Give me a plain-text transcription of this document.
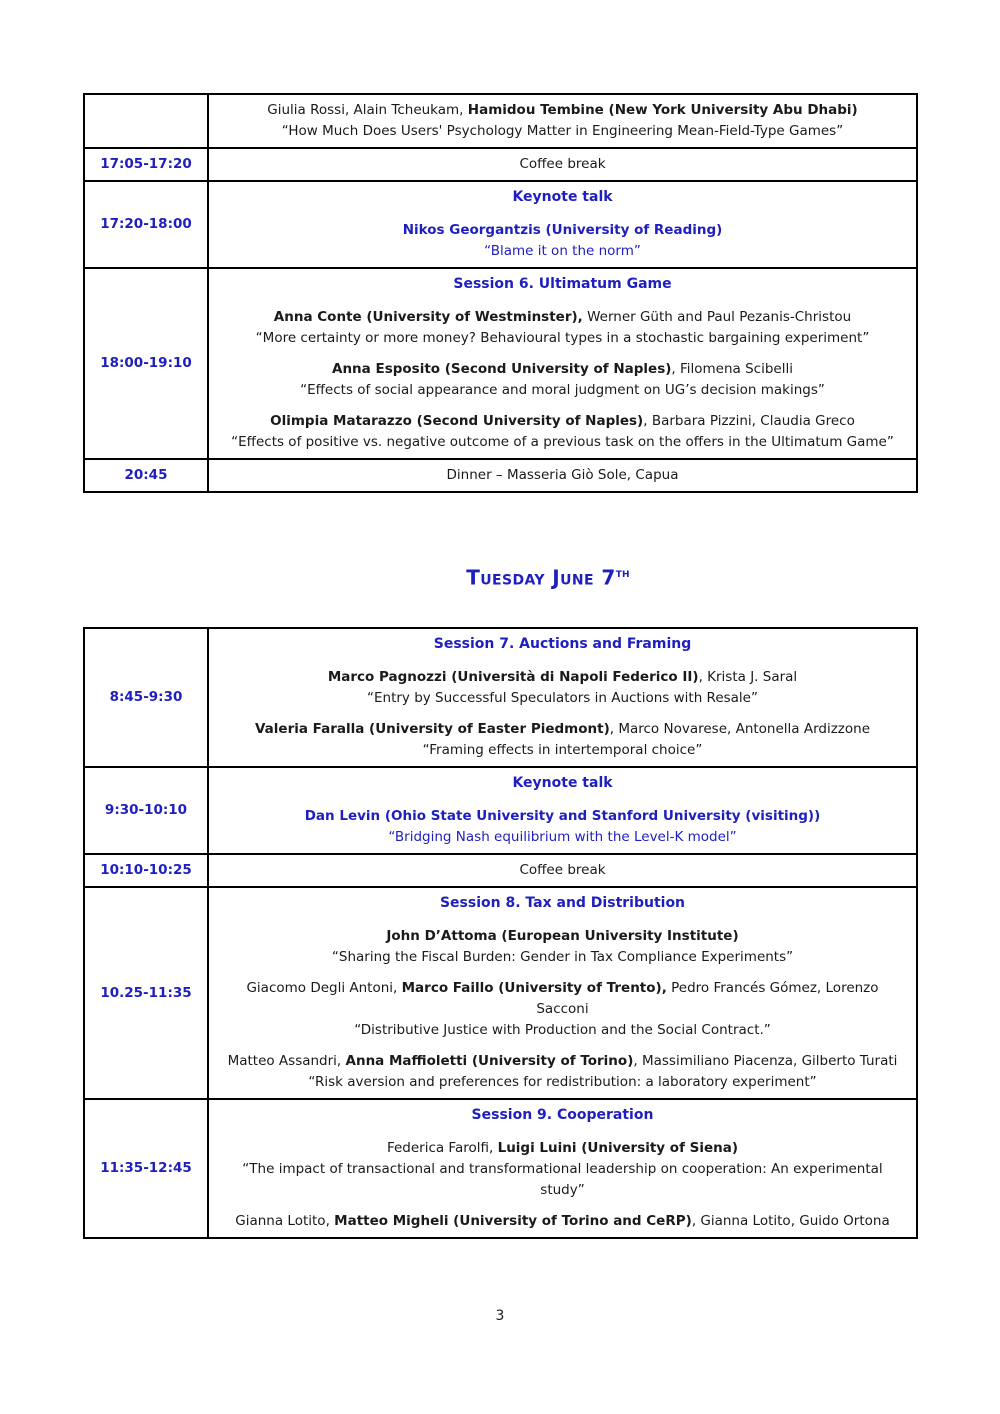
	Giulia Rossi, Alain Tcheukam, Hamidou Tembine (New York University Abu Dhabi)
“How Much Does Users' Psychology Matter in Engineering Mean-Field-Type Games”

17:05-17:20	Coffee break

17:20-18:00	Keynote talk
Nikos Georgantzis (University of Reading)
“Blame it on the norm”

18:00-19:10	
Session 6. Ultimatum Game
Anna Conte (University of Westminster), Werner Güth and Paul Pezanis-Christou
“More certainty or more money? Behavioural types in a stochastic bargaining experiment”
Anna Esposito (Second University of Naples), Filomena Scibelli
“Effects of social appearance and moral judgment on UG’s decision makings”
Olimpia Matarazzo (Second University of Naples), Barbara Pizzini, Claudia Greco
“Effects of positive vs. negative outcome of a previous task on the offers in the Ultimatum Game”

20:45	Dinner – Masseria Giò Sole, Capua
Tuesday June 7th
8:45-9:30	Session 7. Auctions and Framing
Marco Pagnozzi (Università di Napoli Federico II), Krista J. Saral
“Entry by Successful Speculators in Auctions with Resale”
Valeria Faralla (University of Easter Piedmont), Marco Novarese, Antonella Ardizzone
“Framing effects in intertemporal choice”

9:30-10:10	Keynote talk
Dan Levin (Ohio State University and Stanford University (visiting))
“Bridging Nash equilibrium with the Level-K model”

10:10-10:25	Coffee break

10.25-11:35	
Session 8. Tax and Distribution
John D’Attoma (European University Institute)
“Sharing the Fiscal Burden: Gender in Tax Compliance Experiments”
Giacomo Degli Antoni, Marco Faillo (University of Trento), Pedro Francés Gómez, Lorenzo Sacconi
“Distributive Justice with Production and the Social Contract.”
Matteo Assandri, Anna Maffioletti (University of Torino), Massimiliano Piacenza, Gilberto Turati
“Risk aversion and preferences for redistribution: a laboratory experiment”

11:35-12:45	Session 9. Cooperation
Federica Farolfi, Luigi Luini (University of Siena)
“The impact of transactional and transformational leadership on cooperation: An experimental study”
Gianna Lotito, Matteo Migheli (University of Torino and CeRP), Gianna Lotito, Guido Ortona
3
